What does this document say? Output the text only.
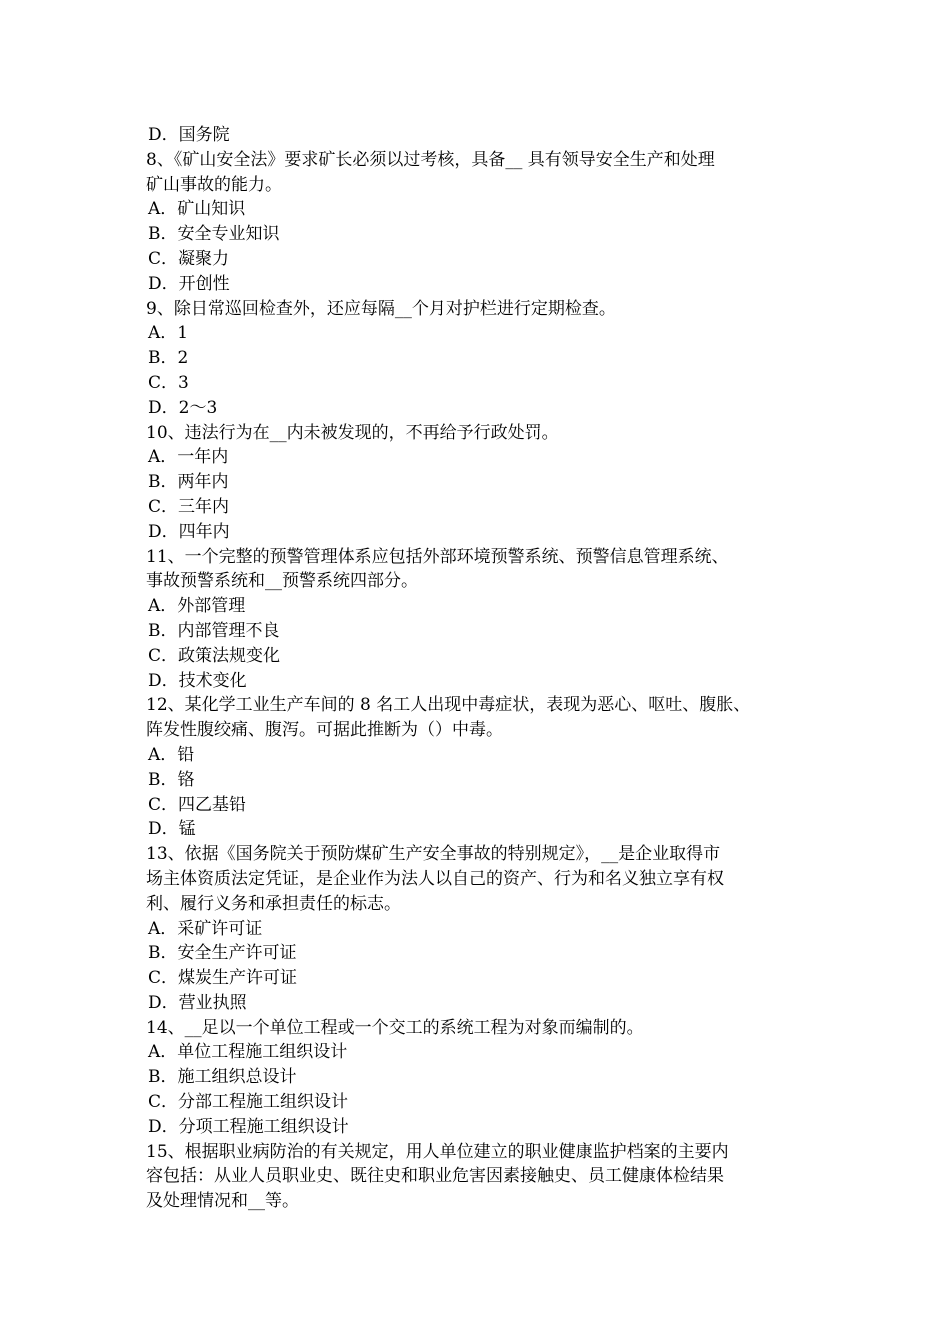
D．国务院
8、《矿山安全法》要求矿长必须以过考核，具备__ 具有领导安全生产和处理
矿山事故的能力。
A．矿山知识
B．安全专业知识
C．凝聚力
D．开创性
9、除日常巡回检查外，还应每隔__个月对护栏进行定期检查。
A．1
B．2
C．3
D．2～3
10、违法行为在__内未被发现的，不再给予行政处罚。
A．一年内
B．两年内
C．三年内
D．四年内
11、一个完整的预警管理体系应包括外部环境预警系统、预警信息管理系统、
事故预警系统和__预警系统四部分。
A．外部管理
B．内部管理不良
C．政策法规变化
D．技术变化
12、某化学工业生产车间的 8 名工人出现中毒症状，表现为恶心、呕吐、腹胀、
阵发性腹绞痛、腹泻。可据此推断为（）中毒。
A．铅
B．铬
C．四乙基铅
D．锰
13、依据《国务院关于预防煤矿生产安全事故的特别规定》，__是企业取得市
场主体资质法定凭证，是企业作为法人以自己的资产、行为和名义独立享有权
利、履行义务和承担责任的标志。
A．采矿许可证
B．安全生产许可证
C．煤炭生产许可证
D．营业执照
14、__足以一个单位工程或一个交工的系统工程为对象而编制的。
A．单位工程施工组织设计
B．施工组织总设计
C．分部工程施工组织设计
D．分项工程施工组织设计
15、根据职业病防治的有关规定，用人单位建立的职业健康监护档案的主要内
容包括：从业人员职业史、既往史和职业危害因素接触史、员工健康体检结果
及处理情况和__等。
